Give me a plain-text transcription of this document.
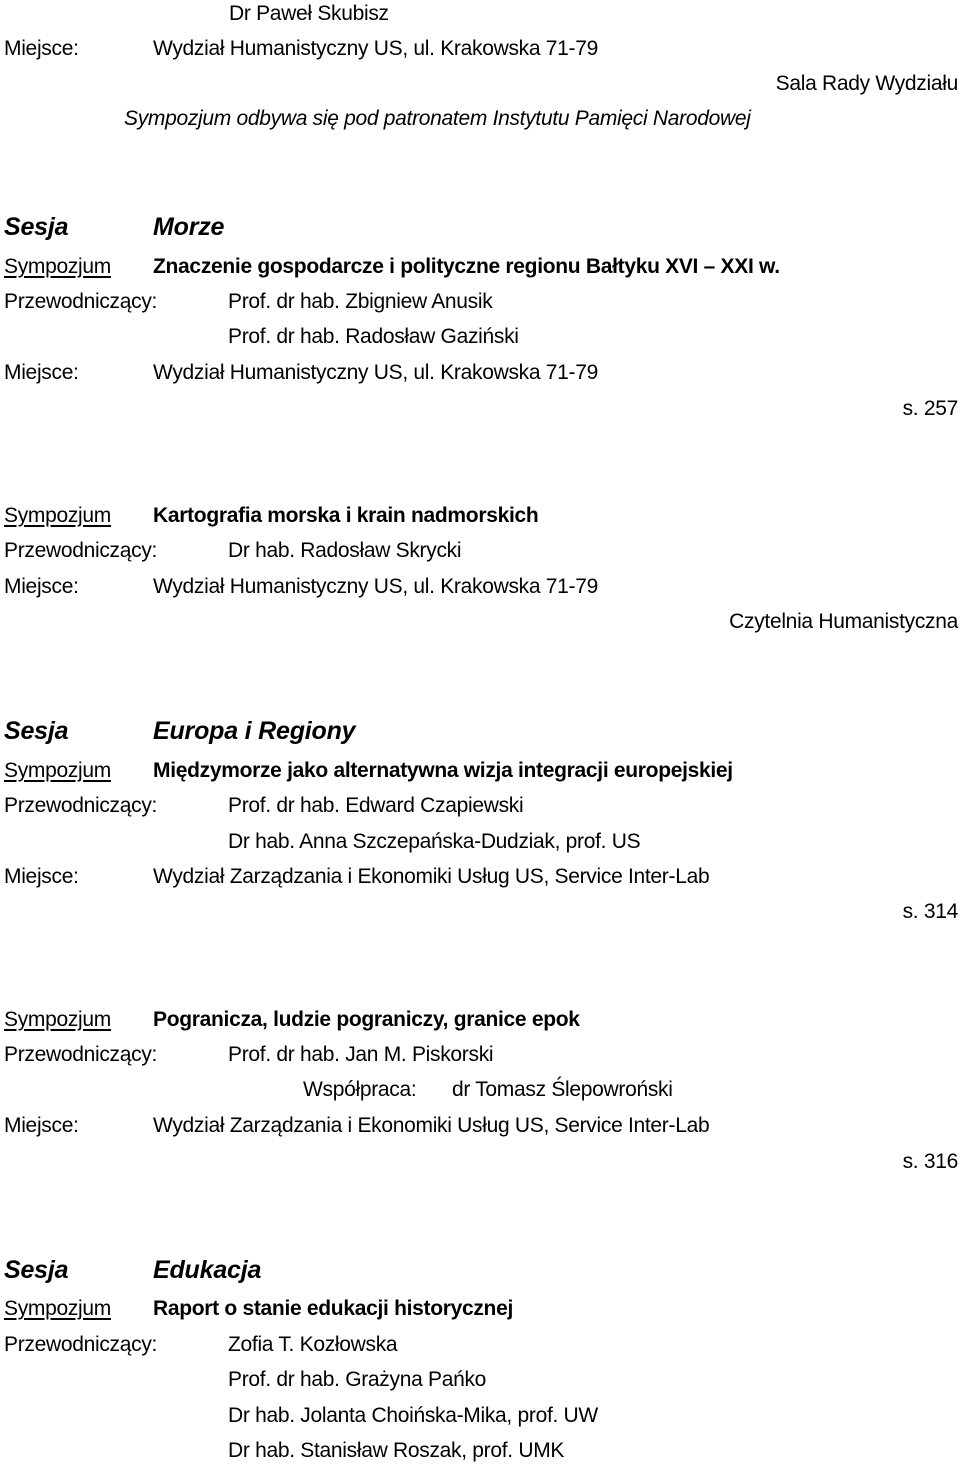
Dr Paweł Skubisz
Miejsce:	Wydział Humanistyczny US, ul. Krakowska 71-79
Sala Rady Wydziału
Sympozjum odbywa się pod patronatem Instytutu Pamięci Narodowej
Sesja	Morze
Sympozjum Znaczenie gospodarcze i polityczne regionu Bałtyku XVI – XXI w.
Przewodniczący:	Prof. dr hab. Zbigniew Anusik
Prof. dr hab. Radosław Gaziński
Miejsce:	Wydział Humanistyczny US, ul. Krakowska 71-79
s. 257
Sympozjum Kartografia morska i krain nadmorskich
Przewodniczący:	Dr hab. Radosław Skrycki
Miejsce:	Wydział Humanistyczny US, ul. Krakowska 71-79
Czytelnia Humanistyczna
Sesja	Europa i Regiony
Sympozjum Międzymorze jako alternatywna wizja integracji europejskiej
Przewodniczący:	Prof. dr hab. Edward Czapiewski
Dr hab. Anna Szczepańska-Dudziak, prof. US
Miejsce:	Wydział Zarządzania i Ekonomiki Usług US, Service Inter-Lab
s. 314
Sympozjum Pogranicza, ludzie pograniczy, granice epok
Przewodniczący:	Prof. dr hab. Jan M. Piskorski
Współpraca: dr Tomasz Ślepowroński
Miejsce:	Wydział Zarządzania i Ekonomiki Usług US, Service Inter-Lab
s. 316
Sesja	Edukacja
Sympozjum Raport o stanie edukacji historycznej
Przewodniczący:	Zofia T. Kozłowska
Prof. dr hab. Grażyna Pańko
Dr hab. Jolanta Choińska-Mika, prof. UW
Dr hab. Stanisław Roszak, prof. UMK
